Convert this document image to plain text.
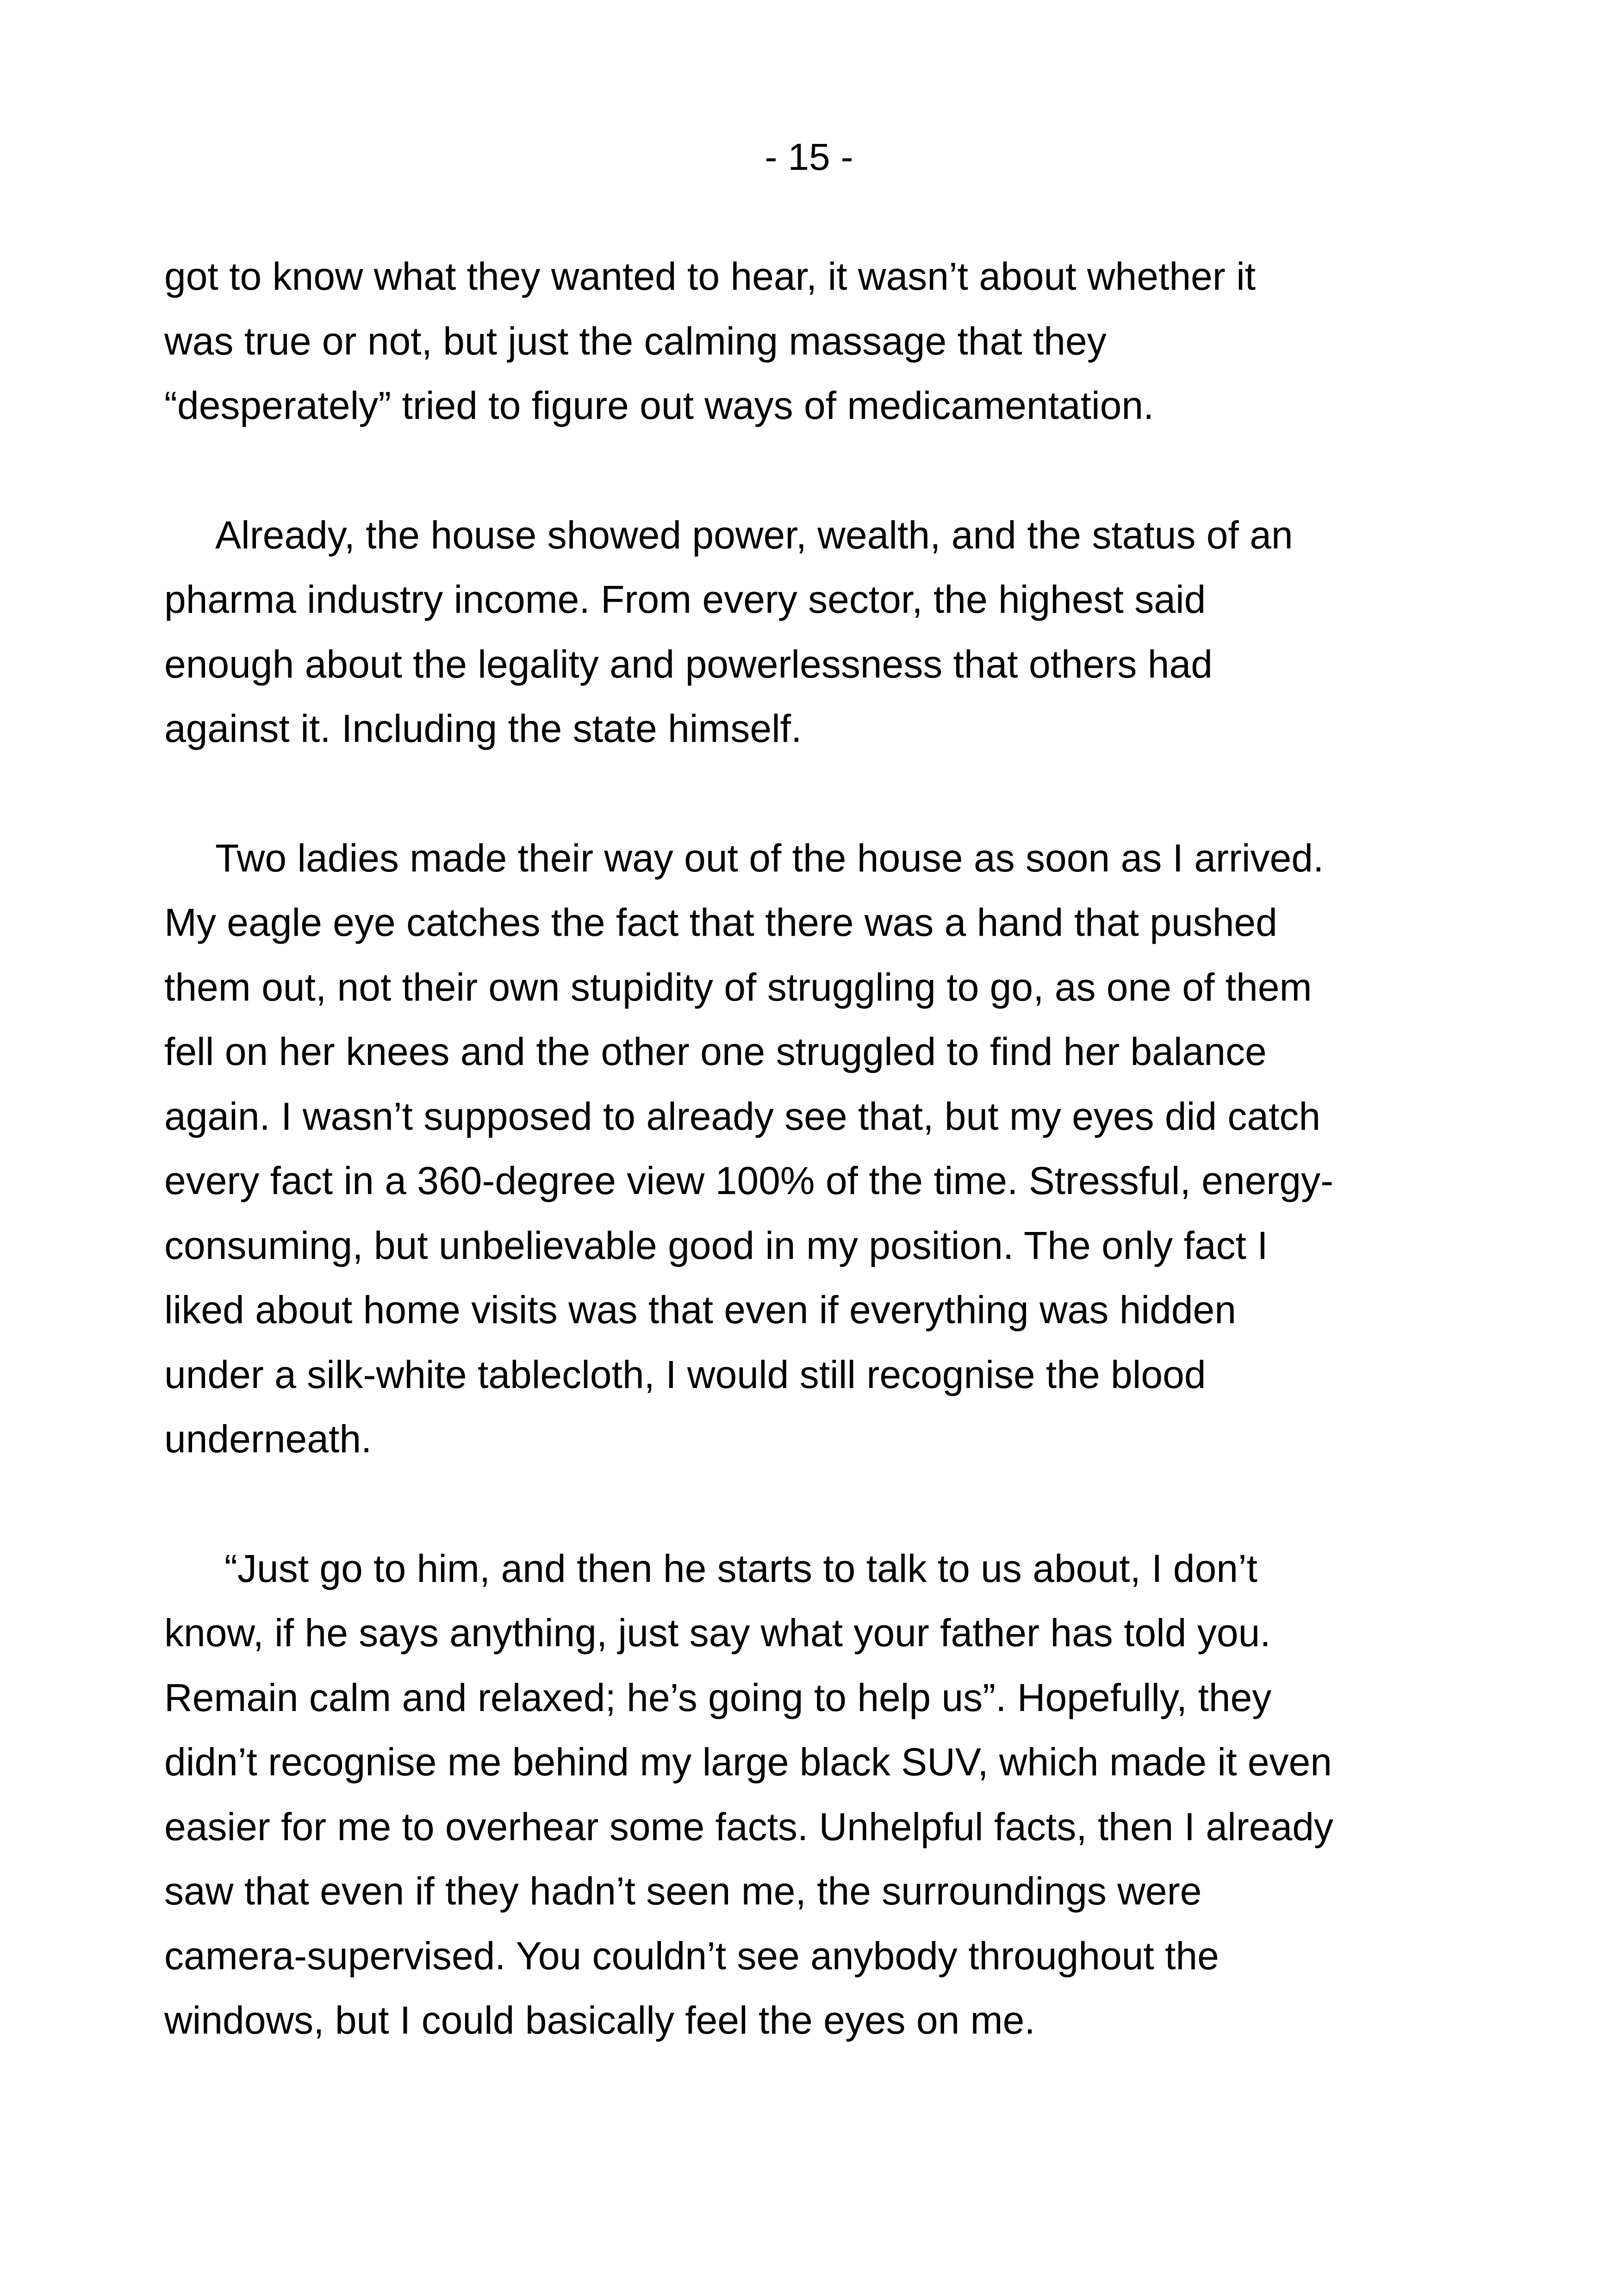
- 15 -

got to know what they wanted to hear, it wasn’t about whether it
was true or not, but just the calming massage that they
“desperately” tried to figure out ways of medicamentation.

Already, the house showed power, wealth, and the status of an
pharma industry income. From every sector, the highest said
enough about the legality and powerlessness that others had
against it. Including the state himself.

Two ladies made their way out of the house as soon as I arrived.
My eagle eye catches the fact that there was a hand that pushed
them out, not their own stupidity of struggling to go, as one of them
fell on her knees and the other one struggled to find her balance
again. I wasn’t supposed to already see that, but my eyes did catch
every fact in a 360-degree view 100% of the time. Stressful, energy-
consuming, but unbelievable good in my position. The only fact I
liked about home visits was that even if everything was hidden
under a silk-white tablecloth, I would still recognise the blood
underneath.

“Just go to him, and then he starts to talk to us about, I don’t
know, if he says anything, just say what your father has told you.
Remain calm and relaxed; he’s going to help us”. Hopefully, they
didn’t recognise me behind my large black SUV, which made it even
easier for me to overhear some facts. Unhelpful facts, then I already
saw that even if they hadn’t seen me, the surroundings were
camera-supervised. You couldn’t see anybody throughout the
windows, but I could basically feel the eyes on me.
